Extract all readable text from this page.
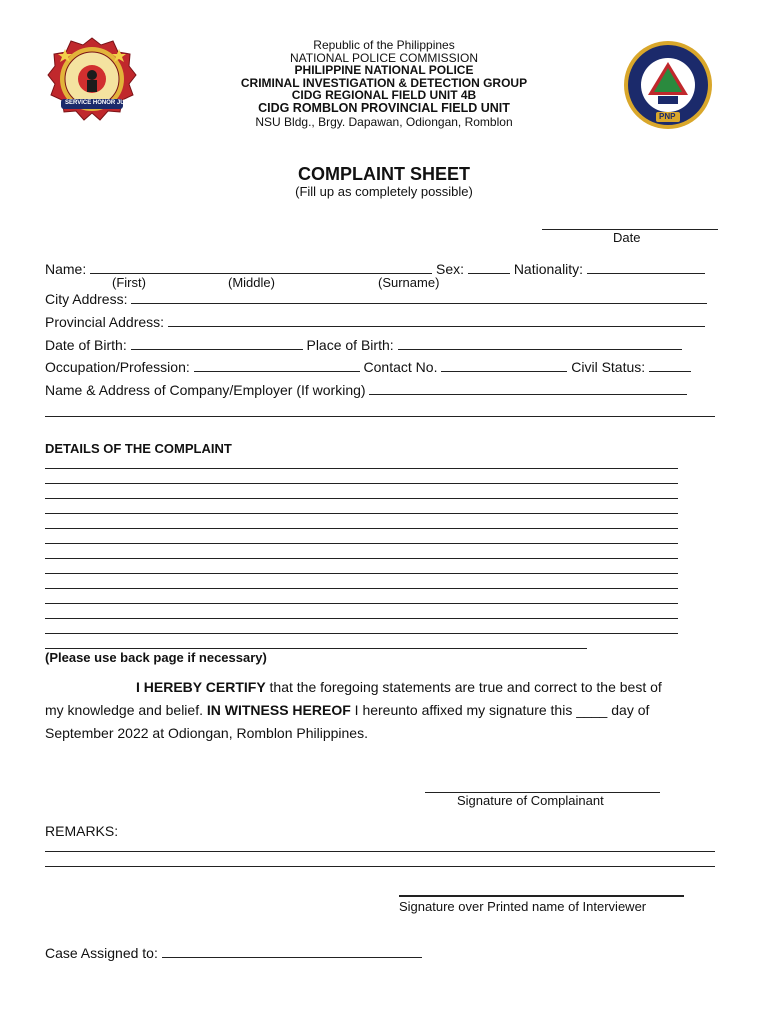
SERVICE HONOR JUSTICE
PNP
Republic of the Philippines
NATIONAL POLICE COMMISSION
PHILIPPINE NATIONAL POLICE
CRIMINAL INVESTIGATION & DETECTION GROUP
CIDG REGIONAL FIELD UNIT 4B
CIDG ROMBLON PROVINCIAL FIELD UNIT
NSU Bldg., Brgy. Dapawan, Odiongan, Romblon
COMPLAINT SHEET
(Fill up as completely possible)
Date
Name:	Sex:	Nationality:
(First)	(Middle)	(Surname)
City Address:
Provincial Address:
Date of Birth:	Place of Birth:
Occupation/Profession:	Contact No.	Civil Status:
Name & Address of Company/Employer (If working)
DETAILS OF THE COMPLAINT
(Please use back page if necessary)
I HEREBY CERTIFY that the foregoing statements are true and correct to the best of
my knowledge and belief. IN WITNESS HEREOF I hereunto affixed my signature this ____ day of
September 2022 at Odiongan, Romblon Philippines.
Signature of Complainant
REMARKS:
Signature over Printed name of Interviewer
Case Assigned to:
